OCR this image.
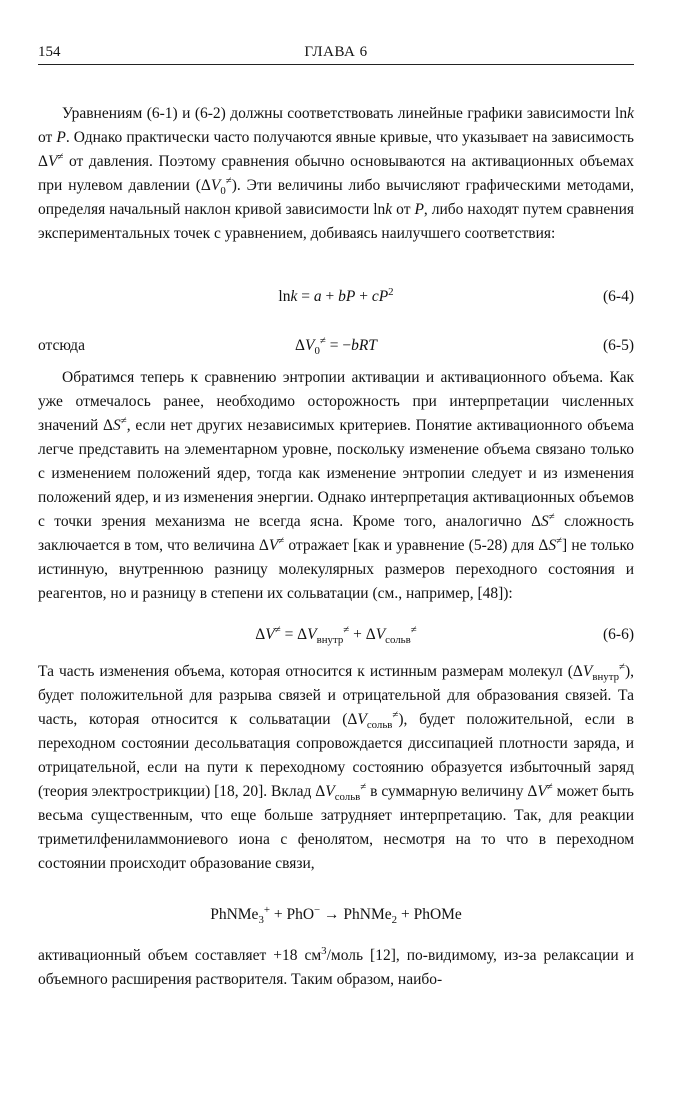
154	ГЛАВА 6

Уравнениям (6-1) и (6-2) должны соответствовать линейные графики зависимости lnk от P. Однако практически часто получаются явные кривые, что указывает на зависимость ΔV≠ от давления. Поэтому сравнения обычно основываются на активационных объемах при нулевом давлении $(\Delta V_0^\ne)$. Эти величины либо вычисляют графическими методами, определяя начальный наклон кривой зависимости lnk от P, либо находят путем сравнения экспериментальных точек с уравнением, добиваясь наилучшего соответствия:

lnk = a + bP + $cP^2$	(6-4)
отсюда	$\Delta V_0^\ne = -bRT$	(6-5)

Обратимся теперь к сравнению энтропии активации и активационного объема. Как уже отмечалось ранее, необходимо осторожность при интерпретации численных значений ΔS≠, если нет других независимых критериев. Понятие активационного объема легче представить на элементарном уровне, поскольку изменение объема связано только с изменением положений ядер, тогда как изменение энтропии следует и из изменения положений ядер, и из изменения энергии. Однако интерпретация активационных объемов с точки зрения механизма не всегда ясна. Кроме того, аналогично ΔS≠ сложность заключается в том, что величина ΔV≠ отражает [как и уравнение (5-28) для ΔS≠] не только истинную, внутреннюю разницу молекулярных размеров переходного состояния и реагентов, но и разницу в степени их сольватации (см., например, [48]):

$\Delta V^\ne = \Delta V_{внутр}^\ne + \Delta V_{сольв}^\ne$	(6-6)

Та часть изменения объема, которая относится к истинным размерам молекул $(\Delta V_{внутр}^\ne)$, будет положительной для разрыва связей и отрицательной для образования связей. Та часть, которая относится к сольватации $(\Delta V_{сольв}^\ne)$, будет положительной, если в переходном состоянии десольватация сопровождается диссипацией плотности заряда, и отрицательной, если на пути к переходному состоянию образуется избыточный заряд (теория электрострикции) [18, 20]. Вклад $\Delta V_{сольв}^\ne$ в суммарную величину ΔV≠ может быть весьма существенным, что еще больше затрудняет интерпретацию. Так, для реакции триметилфениламмониевого иона с фенолятом, несмотря на то что в переходном состоянии происходит образование связи,

PhNMe$_3$+ + PhO− → PhNMe$_2$ + PhOMe

активационный объем составляет +18 $см^3$/моль [12], по-видимому, из-за релаксации и объемного расширения растворителя. Таким образом, наибо-
